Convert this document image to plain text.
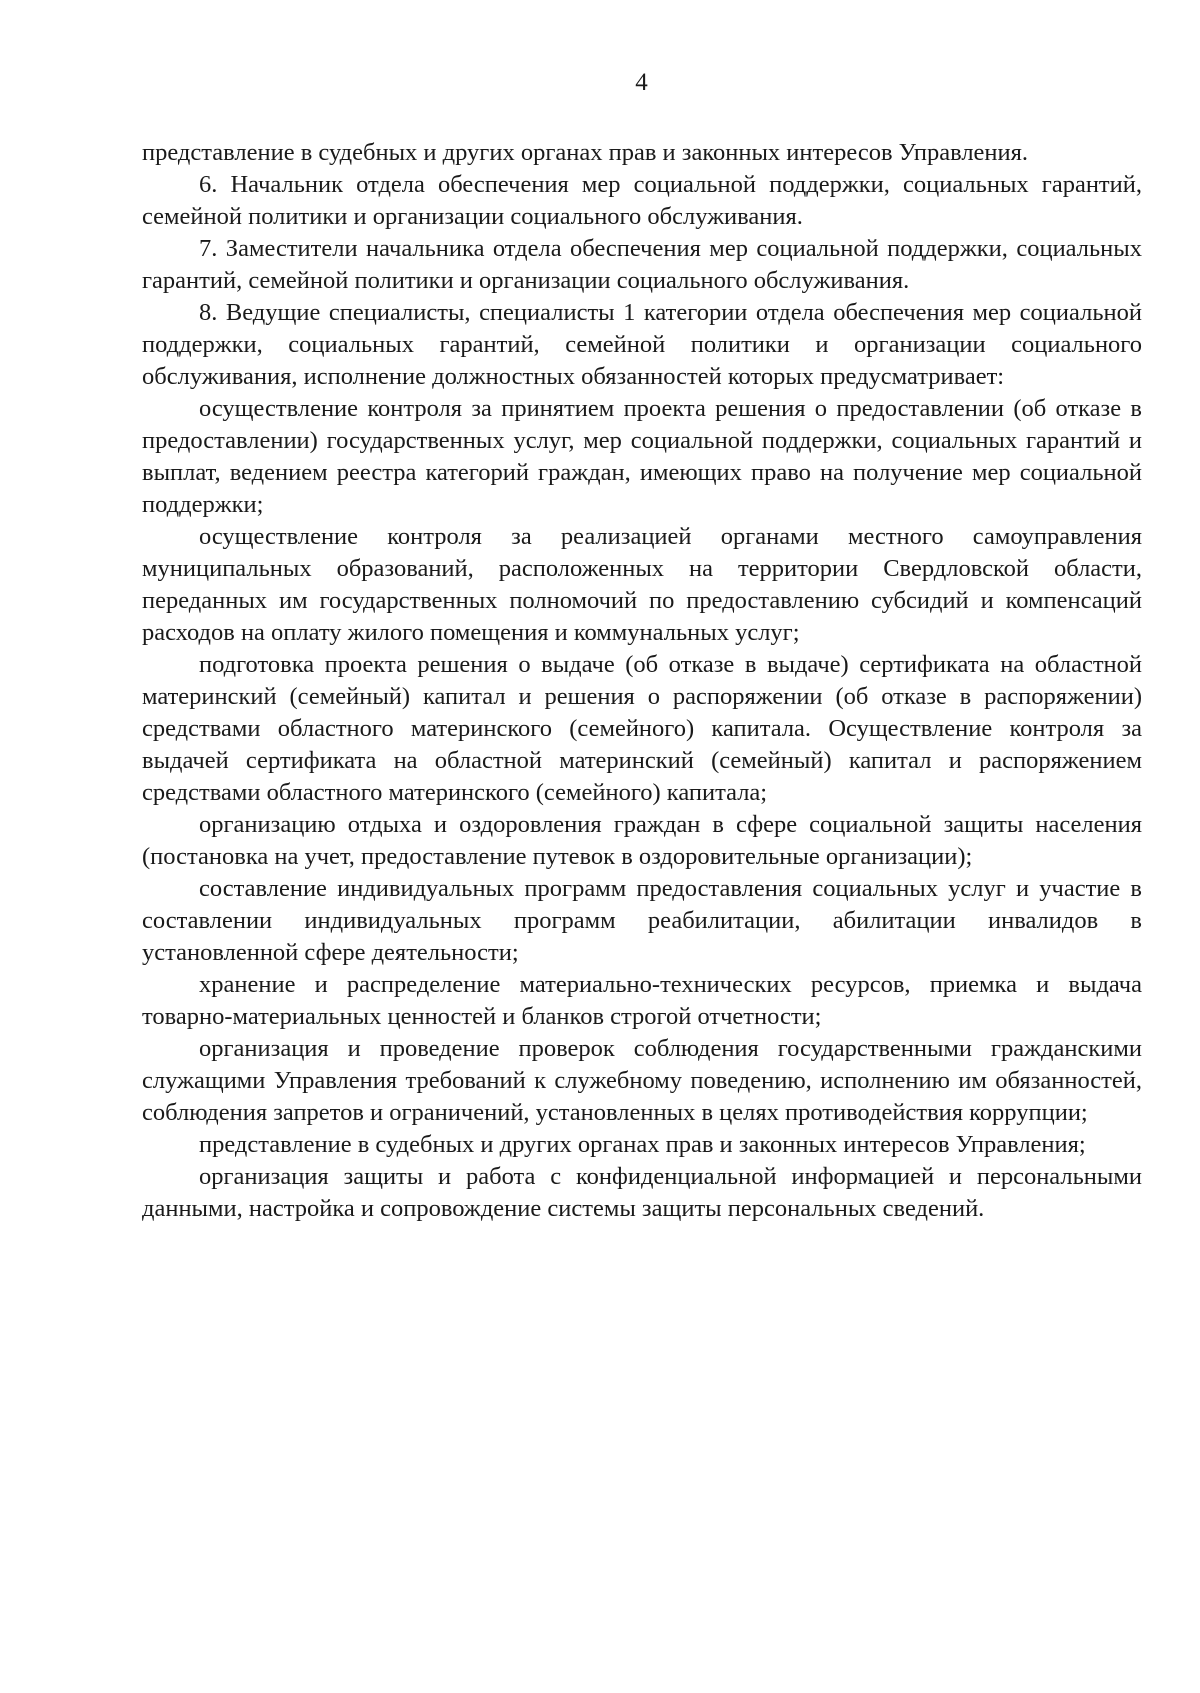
4

представление в судебных и других органах прав и законных интересов Управления.

6. Начальник отдела обеспечения мер социальной поддержки, социальных гарантий, семейной политики и организации социального обслуживания.

7. Заместители начальника отдела обеспечения мер социальной поддержки, социальных гарантий, семейной политики и организации социального обслуживания.

8. Ведущие специалисты, специалисты 1 категории отдела обеспечения мер социальной поддержки, социальных гарантий, семейной политики и организации социального обслуживания, исполнение должностных обязанностей которых предусматривает:

осуществление контроля за принятием проекта решения о предоставлении (об отказе в предоставлении) государственных услуг, мер социальной поддержки, социальных гарантий и выплат, ведением реестра категорий граждан, имеющих право на получение мер социальной поддержки;

осуществление контроля за реализацией органами местного самоуправления муниципальных образований, расположенных на территории Свердловской области, переданных им государственных полномочий по предоставлению субсидий и компенсаций расходов на оплату жилого помещения и коммунальных услуг;

подготовка проекта решения о выдаче (об отказе в выдаче) сертификата на областной материнский (семейный) капитал и решения о распоряжении (об отказе в распоряжении) средствами областного материнского (семейного) капитала. Осуществление контроля за выдачей сертификата на областной материнский (семейный) капитал и распоряжением средствами областного материнского (семейного) капитала;

организацию отдыха и оздоровления граждан в сфере социальной защиты населения (постановка на учет, предоставление путевок в оздоровительные организации);

составление индивидуальных программ предоставления социальных услуг и участие в составлении индивидуальных программ реабилитации, абилитации инвалидов в установленной сфере деятельности;

хранение и распределение материально-технических ресурсов, приемка и выдача товарно-материальных ценностей и бланков строгой отчетности;

организация и проведение проверок соблюдения государственными гражданскими служащими Управления требований к служебному поведению, исполнению им обязанностей, соблюдения запретов и ограничений, установленных в целях противодействия коррупции;

представление в судебных и других органах прав и законных интересов Управления;

организация защиты и работа с конфиденциальной информацией и персональными данными, настройка и сопровождение системы защиты персональных сведений.
